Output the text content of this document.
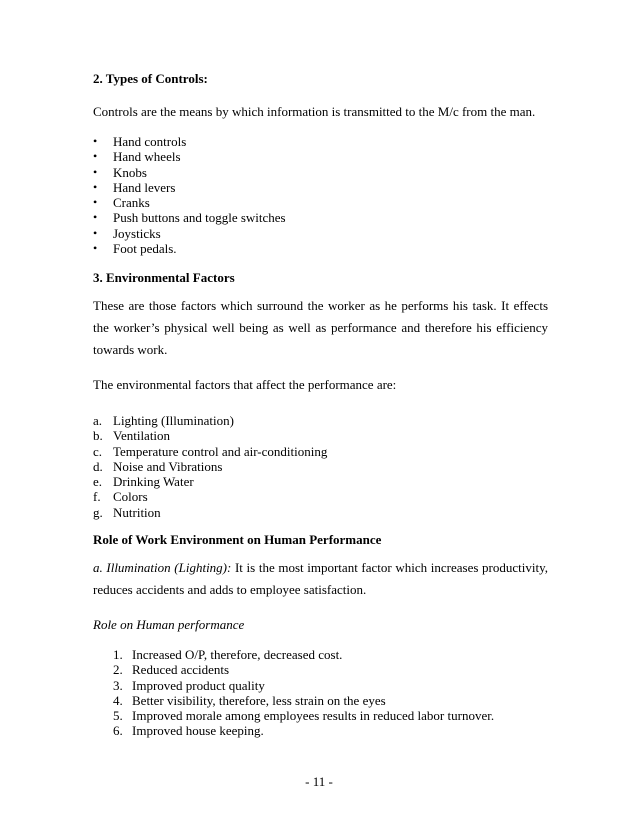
2. Types of Controls:
Controls are the means by which information is transmitted to the M/c from the man.
• Hand controls
• Hand wheels
• Knobs
• Hand levers
• Cranks
• Push buttons and toggle switches
• Joysticks
• Foot pedals.
3. Environmental Factors

These are those factors which surround the worker as he performs his task. It effects the worker’s physical well being as well as performance and therefore his efficiency towards work.

The environmental factors that affect the performance are:
a. Lighting (Illumination)
b. Ventilation
c. Temperature control and air-conditioning
d. Noise and Vibrations
e. Drinking Water
f. Colors
g. Nutrition
Role of Work Environment on Human Performance

a. Illumination (Lighting): It is the most important factor which increases productivity, reduces accidents and adds to employee satisfaction.

Role on Human performance
1. Increased O/P, therefore, decreased cost.
2. Reduced accidents
3. Improved product quality
4. Better visibility, therefore, less strain on the eyes
5. Improved morale among employees results in reduced labor turnover.
6. Improved house keeping.
- 11 -
